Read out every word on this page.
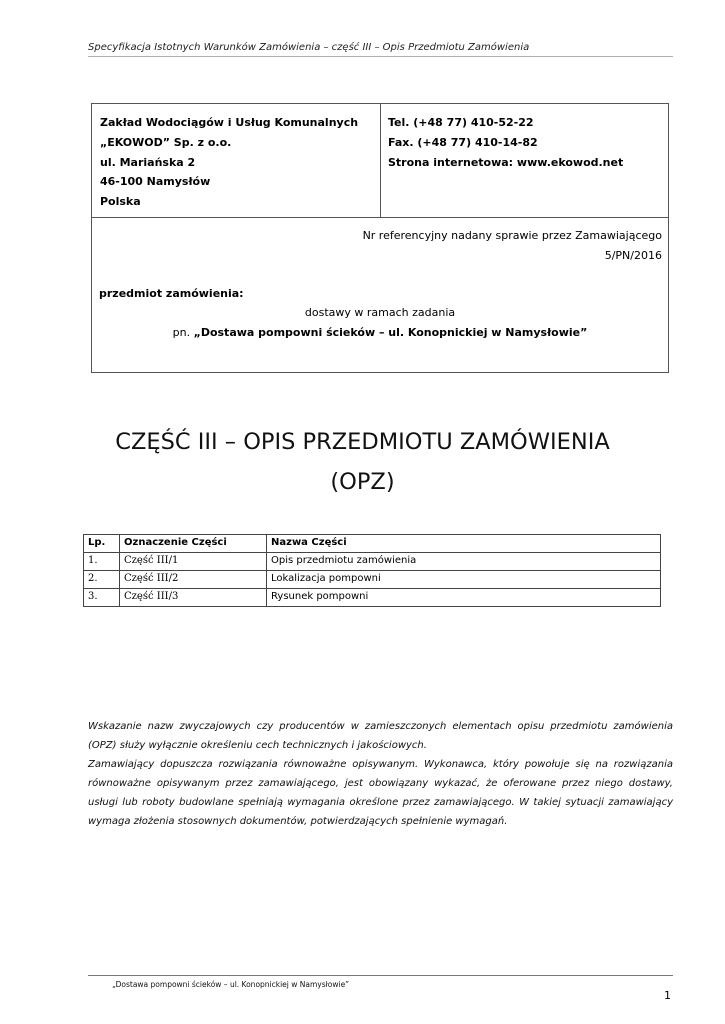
Specyfikacja Istotnych Warunków Zamówienia – część III – Opis Przedmiotu Zamówienia
Zakład Wodociągów i Usług Komunalnych
„EKOWOD” Sp. z o.o.
ul. Mariańska 2
46-100 Namysłów
Polska
Tel. (+48 77) 410-52-22
Fax. (+48 77) 410-14-82
Strona internetowa: www.ekowod.net
Nr referencyjny nadany sprawie przez Zamawiającego
5/PN/2016
przedmiot zamówienia:
dostawy w ramach zadania
pn. „Dostawa pompowni ścieków – ul. Konopnickiej w Namysłowie”
CZĘŚĆ III – OPIS PRZEDMIOTU ZAMÓWIENIA
(OPZ)
Lp.	Oznaczenie Części	Nazwa Części
1.	Część III/1	Opis przedmiotu zamówienia
2.	Część III/2	Lokalizacja pompowni
3.	Część III/3	Rysunek pompowni

Wskazanie nazw zwyczajowych czy producentów w zamieszczonych elementach opisu przedmiotu zamówienia (OPZ) służy wyłącznie określeniu cech technicznych i jakościowych.

Zamawiający dopuszcza rozwiązania równoważne opisywanym. Wykonawca, który powołuje się na rozwiązania równoważne opisywanym przez zamawiającego, jest obowiązany wykazać, że oferowane przez niego dostawy, usługi lub roboty budowlane spełniają wymagania określone przez zamawiającego. W takiej sytuacji zamawiający wymaga złożenia stosownych dokumentów, potwierdzających spełnienie wymagań.

„Dostawa pompowni ścieków – ul. Konopnickiej w Namysłowie”
1
